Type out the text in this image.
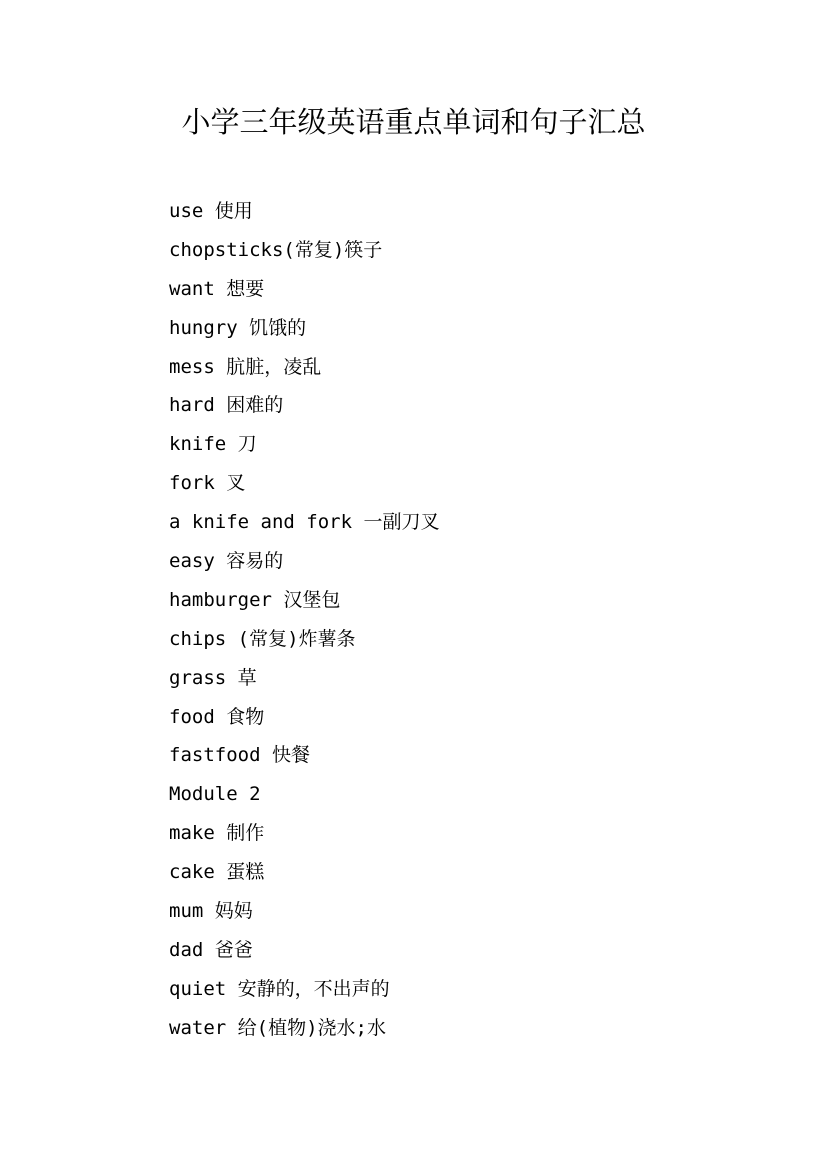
小学三年级英语重点单词和句子汇总
use 使用
chopsticks(常复)筷子
want 想要
hungry 饥饿的
mess 肮脏，凌乱
hard 困难的
knife 刀
fork 叉
a knife and fork 一副刀叉
easy 容易的
hamburger 汉堡包
chips (常复)炸薯条
grass 草
food 食物
fastfood 快餐
Module 2
make 制作
cake 蛋糕
mum 妈妈
dad 爸爸
quiet 安静的，不出声的
water 给(植物)浇水;水
